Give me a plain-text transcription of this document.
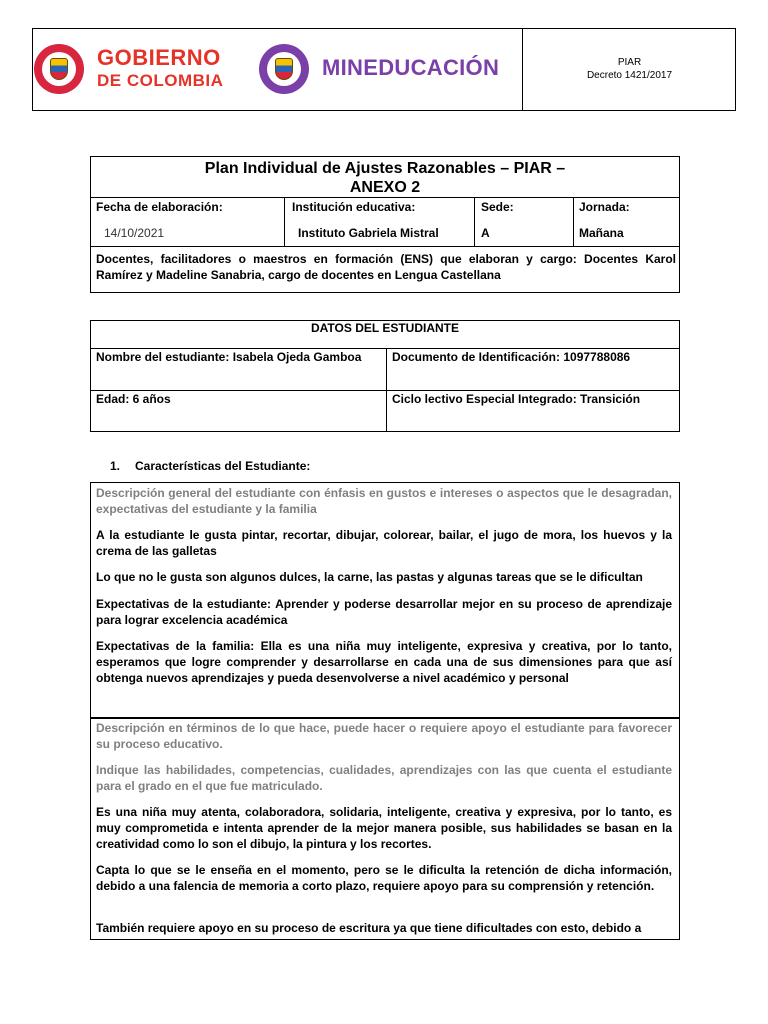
GOBIERNO
DE COLOMBIA
MINEDUCACIÓN	PIAR
Decreto 1421/2017
Plan Individual de Ajustes Razonables – PIAR –
ANEXO 2
Fecha de elaboración:
14/10/2021
Institución educativa:
Instituto Gabriela Mistral
Sede:
A
Jornada:
Mañana
Docentes, facilitadores o maestros en formación (ENS) que elaboran y cargo: Docentes Karol Ramírez y Madeline Sanabria, cargo de docentes en Lengua Castellana
DATOS DEL ESTUDIANTE
Nombre del estudiante: Isabela Ojeda Gamboa	Documento de Identificación: 1097788086
Edad: 6 años	Ciclo lectivo Especial Integrado: Transición
1. Características del Estudiante:
Descripción general del estudiante con énfasis en gustos e intereses o aspectos que le desagradan, expectativas del estudiante y la familia
A la estudiante le gusta pintar, recortar, dibujar, colorear, bailar, el jugo de mora, los huevos y la crema de las galletas
Lo que no le gusta son algunos dulces, la carne, las pastas y algunas tareas que se le dificultan
Expectativas de la estudiante: Aprender y poderse desarrollar mejor en su proceso de aprendizaje para lograr excelencia académica
Expectativas de la familia: Ella es una niña muy inteligente, expresiva y creativa, por lo tanto, esperamos que logre comprender y desarrollarse en cada una de sus dimensiones para que así obtenga nuevos aprendizajes y pueda desenvolverse a nivel académico y personal
Descripción en términos de lo que hace, puede hacer o requiere apoyo el estudiante para favorecer su proceso educativo.
Indique las habilidades, competencias, cualidades, aprendizajes con las que cuenta el estudiante para el grado en el que fue matriculado.
Es una niña muy atenta, colaboradora, solidaria, inteligente, creativa y expresiva, por lo tanto, es muy comprometida e intenta aprender de la mejor manera posible, sus habilidades se basan en la creatividad como lo son el dibujo, la pintura y los recortes.
Capta lo que se le enseña en el momento, pero se le dificulta la retención de dicha información, debido a una falencia de memoria a corto plazo, requiere apoyo para su comprensión y retención.
También requiere apoyo en su proceso de escritura ya que tiene dificultades con esto, debido a
